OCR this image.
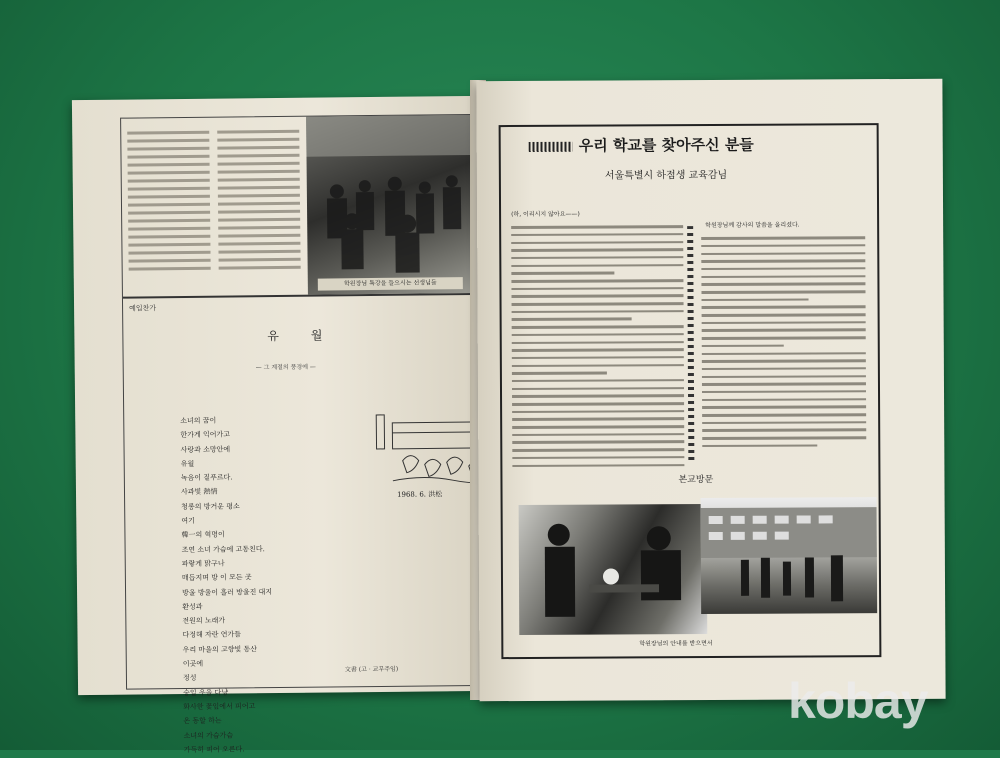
학원장님 특강을 들으시는 선생님들
예입찬가
유 월
— 그 계절의 풍경에 —
소녀의 꿈이
한가게 익어가고
사랑과 소망안에
유월
녹음이 짙푸르다.
사과빛 熱情
청롱의 방거운 평소
여기
韓一의 혁명이
조연 소녀 가슴에 고동친다.
파랗게 맑구나
매듭지며 방 이 모든 곳
방울 방울이 흘러 방울진 대지
환성과
전원의 노래가
다정해 자란 연가들
우리 마을의 고향빛 동산
이곳에
정성
숭일 우을 다냥
화사한 꽃잎에서 피어고
온 동할 하는
소녀의 가슴가슴
가득히 피어 오른다.
1968. 6. 洪松
文書 (고 · 교무주임)
우리 학교를 찾아주신 분들
서울특별시 하점생 교육감님
(하, 이리시지 않아요——)
학원장님께 감사의 말씀을 올리셨다.
본교방문
학원장님의 안내를 받으면서
kobay
